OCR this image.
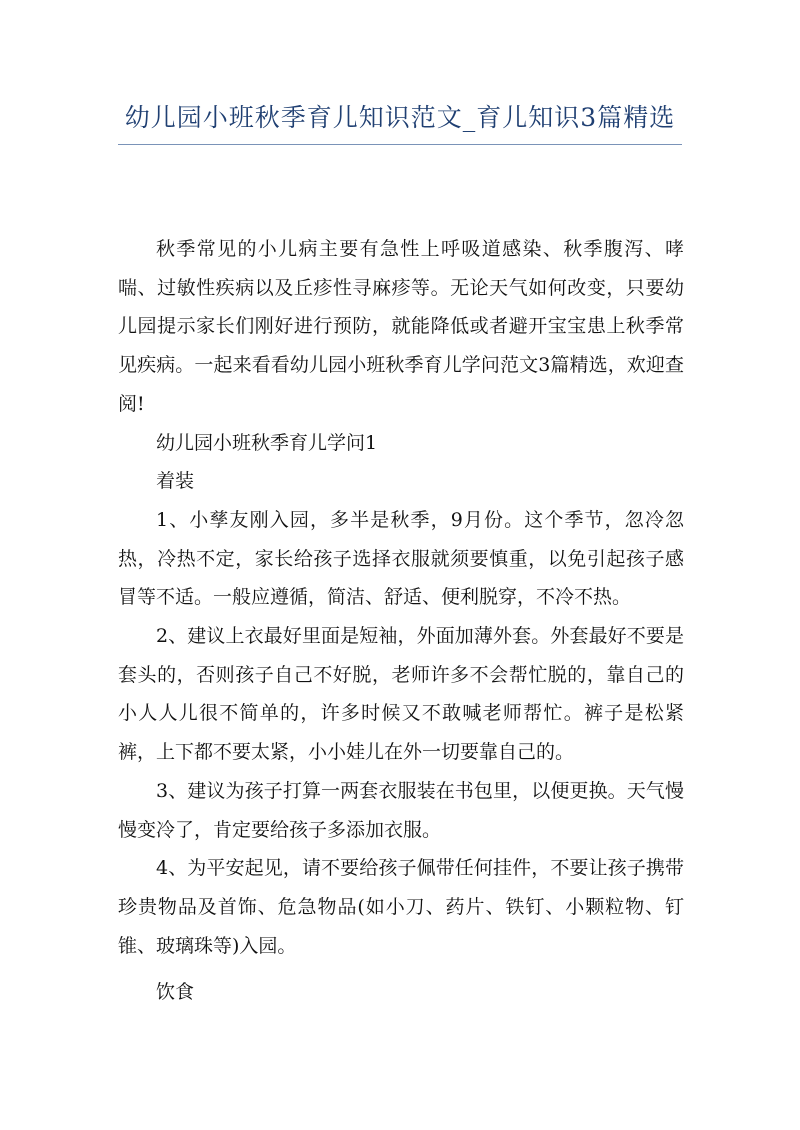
幼儿园小班秋季育儿知识范文_育儿知识3篇精选

秋季常见的小儿病主要有急性上呼吸道感染、秋季腹泻、哮喘、过敏性疾病以及丘疹性寻麻疹等。无论天气如何改变，只要幼儿园提示家长们刚好进行预防，就能降低或者避开宝宝患上秋季常见疾病。一起来看看幼儿园小班秋季育儿学问范文3篇精选，欢迎查阅!

幼儿园小班秋季育儿学问1

着装

1、小孳友刚入园，多半是秋季，9月份。这个季节，忽冷忽热，冷热不定，家长给孩子选择衣服就须要慎重，以免引起孩子感冒等不适。一般应遵循，简洁、舒适、便利脱穿，不冷不热。

2、建议上衣最好里面是短袖，外面加薄外套。外套最好不要是套头的，否则孩子自己不好脱，老师许多不会帮忙脱的，靠自己的小人人儿很不简单的，许多时候又不敢喊老师帮忙。裤子是松紧裤，上下都不要太紧，小小娃儿在外一切要靠自己的。

3、建议为孩子打算一两套衣服装在书包里，以便更换。天气慢慢变冷了，肯定要给孩子多添加衣服。

4、为平安起见，请不要给孩子佩带任何挂件，不要让孩子携带珍贵物品及首饰、危急物品(如小刀、药片、铁钉、小颗粒物、钉锥、玻璃珠等)入园。

饮食
